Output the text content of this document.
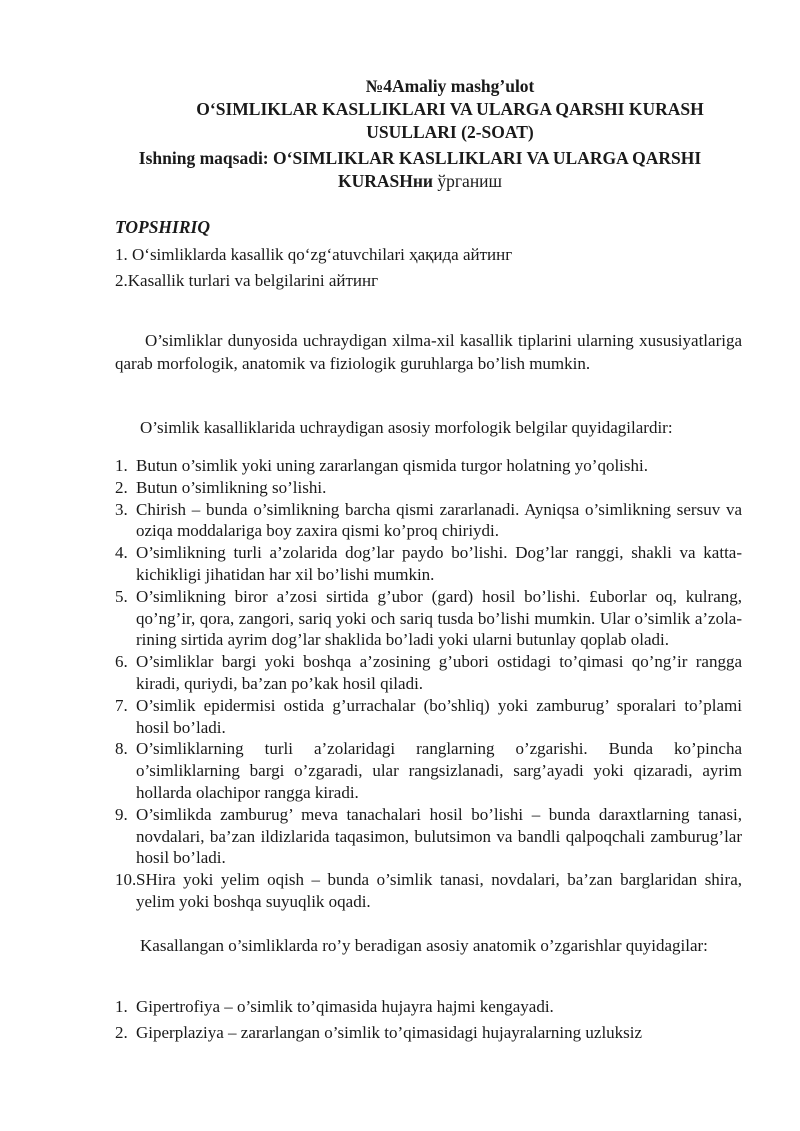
№4Amaliy mashg’ulot
O‘SIMLIKLAR KASLLIKLARI VA ULARGA QARSHI KURASH
USULLARI (2-SOAT)
Ishning maqsadi: O‘SIMLIKLAR KASLLIKLARI VA ULARGA QARSHI
KURASHни ўрганиш
TOPSHIRIQ
1. O‘simliklarda kasallik qo‘zg‘atuvchilari ҳақида айтинг
2.Kasallik turlari va belgilarini айтинг

O’simliklar dunyosida uchraydigan xilma-xil kasallik tiplarini ularning xususiyatlariga qarab morfologik, anatomik va fiziologik guruhlarga bo’lish mumkin.

O’simlik kasalliklarida uchraydigan asosiy morfologik belgilar quyidagilardir:

1. Butun o’simlik yoki uning zararlangan qismida turgor holatning yo’qolishi.
2. Butun o’simlikning so’lishi.
3. Chirish – bunda o’simlikning barcha qismi zararlanadi. Ayniqsa o’simlikning sersuv va oziqa moddalariga boy zaxira qismi ko’proq chiriydi.
4. O’simlikning turli a’zolarida dog’lar paydo bo’lishi. Dog’lar ranggi, shakli va katta-kichikligi jihatidan har xil bo’lishi mumkin.
5. O’simlikning biror a’zosi sirtida g’ubor (gard) hosil bo’lishi. £uborlar oq, kulrang, qo’ng’ir, qora, zangori, sariq yoki och sariq tusda bo’lishi mumkin. Ular o’simlik a’zola-rining sirtida ayrim dog’lar shaklida bo’ladi yoki ularni butunlay qoplab oladi.
6. O’simliklar bargi yoki boshqa a’zosining g’ubori ostidagi to’qimasi qo’ng’ir rangga kiradi, quriydi, ba’zan po’kak hosil qiladi.
7. O’simlik epidermisi ostida g’urrachalar (bo’shliq) yoki zamburug’ sporalari to’plami hosil bo’ladi.
8. O’simliklarning turli a’zolaridagi ranglarning o’zgarishi. Bunda ko’pincha o’simliklarning bargi o’zgaradi, ular rangsizlanadi, sarg’ayadi yoki qizaradi, ayrim hollarda olachipor rangga kiradi.
9. O’simlikda zamburug’ meva tanachalari hosil bo’lishi – bunda daraxtlarning tanasi, novdalari, ba’zan ildizlarida taqasimon, bulutsimon va bandli qalpoqchali zamburug’lar hosil bo’ladi.
10. SHira yoki yelim oqish – bunda o’simlik tanasi, novdalari, ba’zan barglaridan shira, yelim yoki boshqa suyuqlik oqadi.

Kasallangan o’simliklarda ro’y beradigan asosiy anatomik o’zgarishlar quyidagilar:

1. Gipertrofiya – o’simlik to’qimasida hujayra hajmi kengayadi.
2. Giperplaziya – zararlangan o’simlik to’qimasidagi hujayralarning uzluksiz
